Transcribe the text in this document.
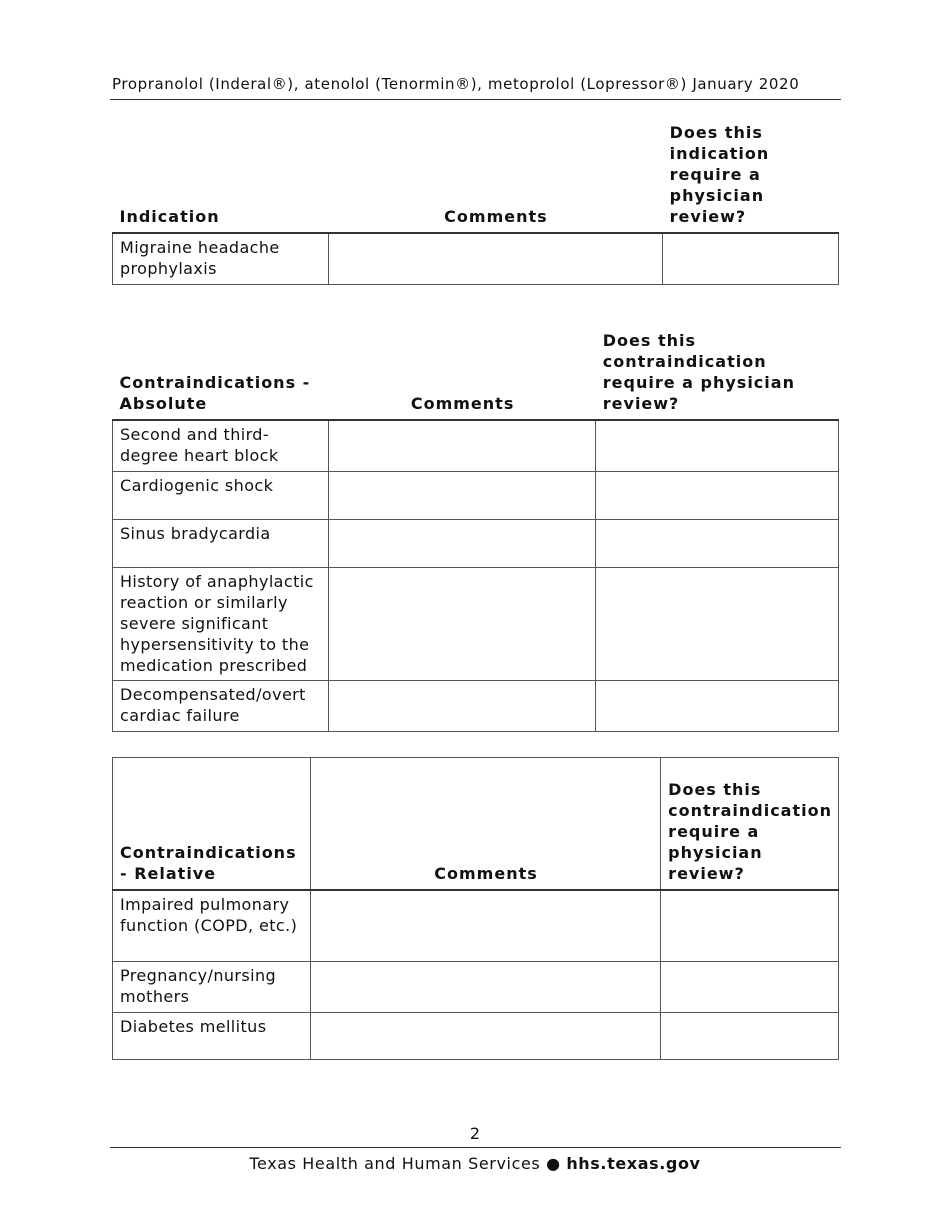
Propranolol (Inderal®), atenolol (Tenormin®), metoprolol (Lopressor®) January 2020
Indication	Comments	Does this indication require a physician review?
Migraine headache prophylaxis		
Contraindications - Absolute	Comments	Does this contraindication require a physician review?
Second and third-degree heart block		
Cardiogenic shock		
Sinus bradycardia		
History of anaphylactic reaction or similarly severe significant hypersensitivity to the medication prescribed		
Decompensated/overt cardiac failure		
Contraindications - Relative	Comments	Does this contraindication require a physician review?
Impaired pulmonary function (COPD, etc.)		
Pregnancy/nursing mothers		
Diabetes mellitus		
2
Texas Health and Human Services ● hhs.texas.gov
